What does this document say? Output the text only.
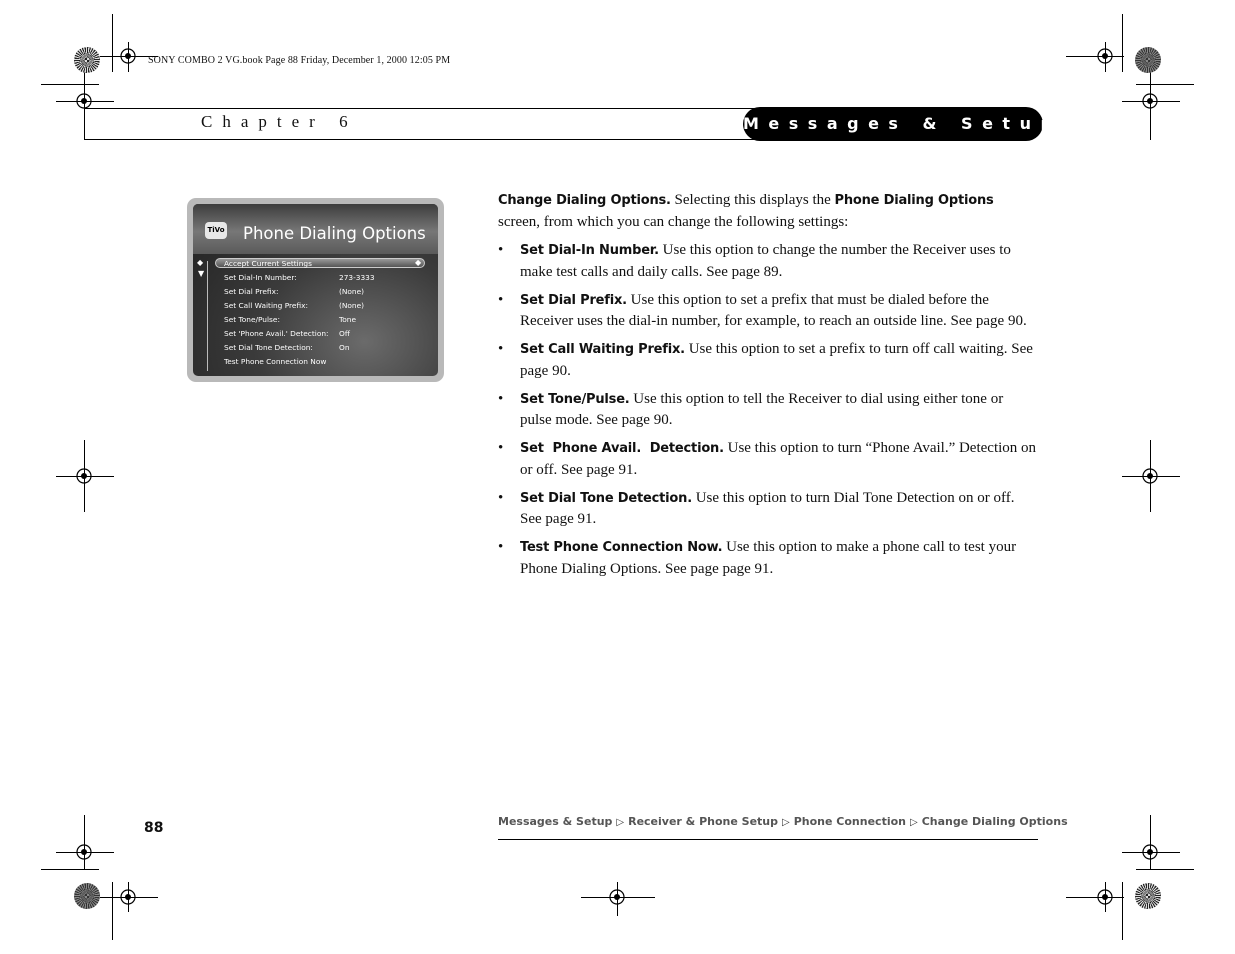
SONY COMBO 2 VG.book Page 88 Friday, December 1, 2000 12:05 PM
Chapter 6	Messages & Setup
TiVo Phone Dialing Options
◆	◆
▼
Accept Current Settings
Set Dial-In Number:	273-3333
Set Dial Prefix:	(None)
Set Call Waiting Prefix:	(None)
Set Tone/Pulse:	Tone
Set 'Phone Avail.' Detection: Off
Set Dial Tone Detection:	On
Test Phone Connection Now

Change Dialing Options. Selecting this displays the Phone Dialing Options screen, from which you can change the following settings:

• Set Dial-In Number. Use this option to change the number the Receiver uses to make test calls and daily calls. See page 89.
• Set Dial Prefix. Use this option to set a prefix that must be dialed before the Receiver uses the dial-in number, for example, to reach an outside line. See page 90.
• Set Call Waiting Prefix. Use this option to set a prefix to turn off call waiting. See page 90.
• Set Tone/Pulse. Use this option to tell the Receiver to dial using either tone or pulse mode. See page 90.
• Set  Phone Avail.  Detection. Use this option to turn “Phone Avail.” Detection on or off. See page 91.
• Set Dial Tone Detection. Use this option to turn Dial Tone Detection on or off. See page 91.
• Test Phone Connection Now. Use this option to make a phone call to test your Phone Dialing Options. See page page 91.
88	Messages & Setup ▷ Receiver & Phone Setup ▷ Phone Connection ▷ Change Dialing Options
